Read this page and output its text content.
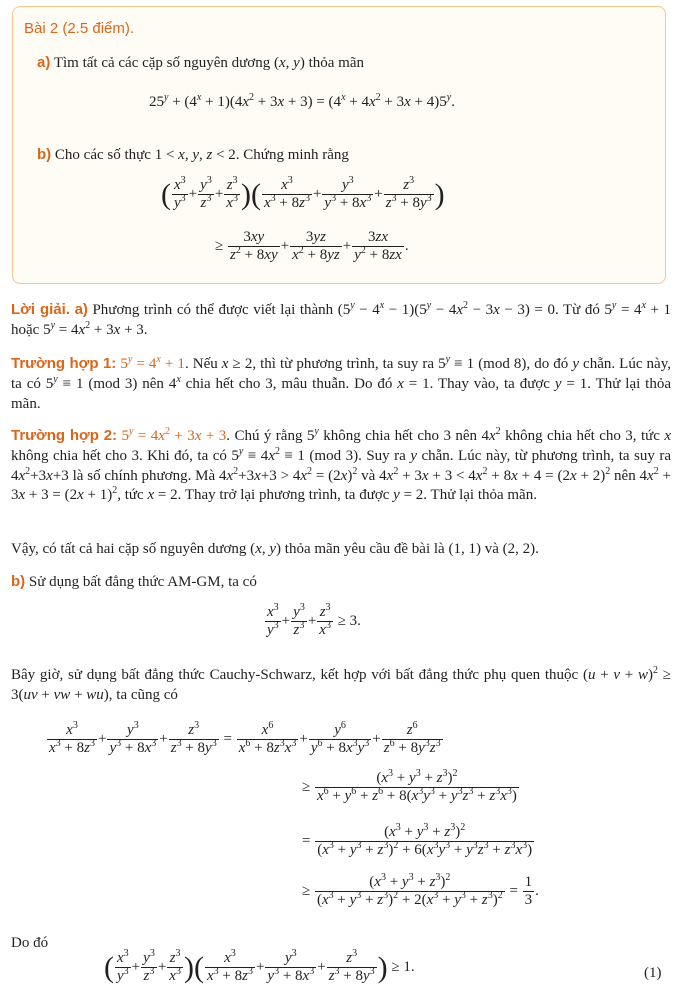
Bài 2 (2.5 điểm).
a) Tìm tất cả các cặp số nguyên dương (x, y) thỏa mãn
$25^y + (4^x + 1)(4x^2 + 3x + 3) = (4^x + 4x^2 + 3x + 4)5^y$.
b) Cho các số thực 1 < x, y, z < 2. Chứng minh rằng
( $\frac{x^3}{y^3} + \frac{y^3}{z^3} + \frac{z^3}{x^3}$ )( $\frac{x^3}{x^3 + 8z^3} + \frac{y^3}{y^3 + 8x^3} + \frac{z^3}{z^3 + 8y^3}$ )
≥ $\frac{3xy}{z^2 + 8xy} + \frac{3yz}{x^2 + 8yz} + \frac{3zx}{y^2 + 8zx}$ .

Lời giải. a) Phương trình có thể được viết lại thành $(5^y - 4^x - 1)(5^y - 4x^2 - 3x - 3) = 0$. Từ đó $5^y = 4^x + 1$ hoặc $5^y = 4x^2 + 3x + 3$.

Trường hợp 1: $5^y = 4^x + 1$. Nếu x ≥ 2, thì từ phương trình, ta suy ra $5^y \equiv 1$ (mod 8), do đó y chẵn. Lúc này, ta có $5^y \equiv 1$ (mod 3) nên 4$^x$ chia hết cho 3, mâu thuẫn. Do đó x = 1. Thay vào, ta được y = 1. Thử lại thỏa mãn.

Trường hợp 2: $5^y = 4x^2 + 3x + 3$. Chú ý rằng 5$^y$ không chia hết cho 3 nên $4x^2$ không chia hết cho 3, tức x không chia hết cho 3. Khi đó, ta có $5^y \equiv 4x^2 \equiv 1$ (mod 3). Suy ra y chẵn. Lúc này, từ phương trình, ta suy ra $4x^2+3x+3$ là số chính phương. Mà $4x^2+3x+3 > 4x^2 = (2x)^2$ và $4x^2 + 3x + 3 < 4x^2 + 8x + 4 = (2x + 2)^2$ nên $4x^2 + 3x + 3 = (2x + 1)^2$, tức x = 2. Thay trở lại phương trình, ta được y = 2. Thử lại thỏa mãn.

Vậy, có tất cả hai cặp số nguyên dương (x, y) thỏa mãn yêu cầu đề bài là (1, 1) và (2, 2).

b) Sử dụng bất đẳng thức AM-GM, ta có

$\frac{x^3}{y^3} + \frac{y^3}{z^3} + \frac{z^3}{x^3} \ge 3$.

Bây giờ, sử dụng bất đẳng thức Cauchy-Schwarz, kết hợp với bất đẳng thức phụ quen thuộc $(u + v + w)^2 \ge 3(uv$ + vw + wu), ta cũng có

$\frac{x^3}{x^3 + 8z^3} + \frac{y^3}{y^3 + 8x^3} + \frac{z^3}{z^3 + 8y^3} = \frac{x^6}{x^6 + 8z^3x^3} + \frac{y^6}{y^6 + 8x^3y^3} + \frac{z^6}{z^6 + 8y^3z^3}$
≥ $\frac{(x^3 + y^3 + z^3)^2}{x^6 + y^6 + z^6 + 8(x^3y^3 + y^3z^3 + z^3x^3)}$
= $\frac{(x^3 + y^3 + z^3)^2}{(x^3 + y^3 + z^3)^2 + 6(x^3y^3 + y^3z^3 + z^3x^3)}$
≥ $\frac{(x^3 + y^3 + z^3)^2}{(x^3 + y^3 + z^3)^2 + 2(x^3 + y^3 + z^3)^2} = \frac{1}{3}$ .
Do đó
( $\frac{x^3}{y^3} + \frac{y^3}{z^3} + \frac{z^3}{x^3}$ )( $\frac{x^3}{x^3 + 8z^3} + \frac{y^3}{y^3 + 8x^3} + \frac{z^3}{z^3 + 8y^3}$ ) ≥ 1.	(1)
